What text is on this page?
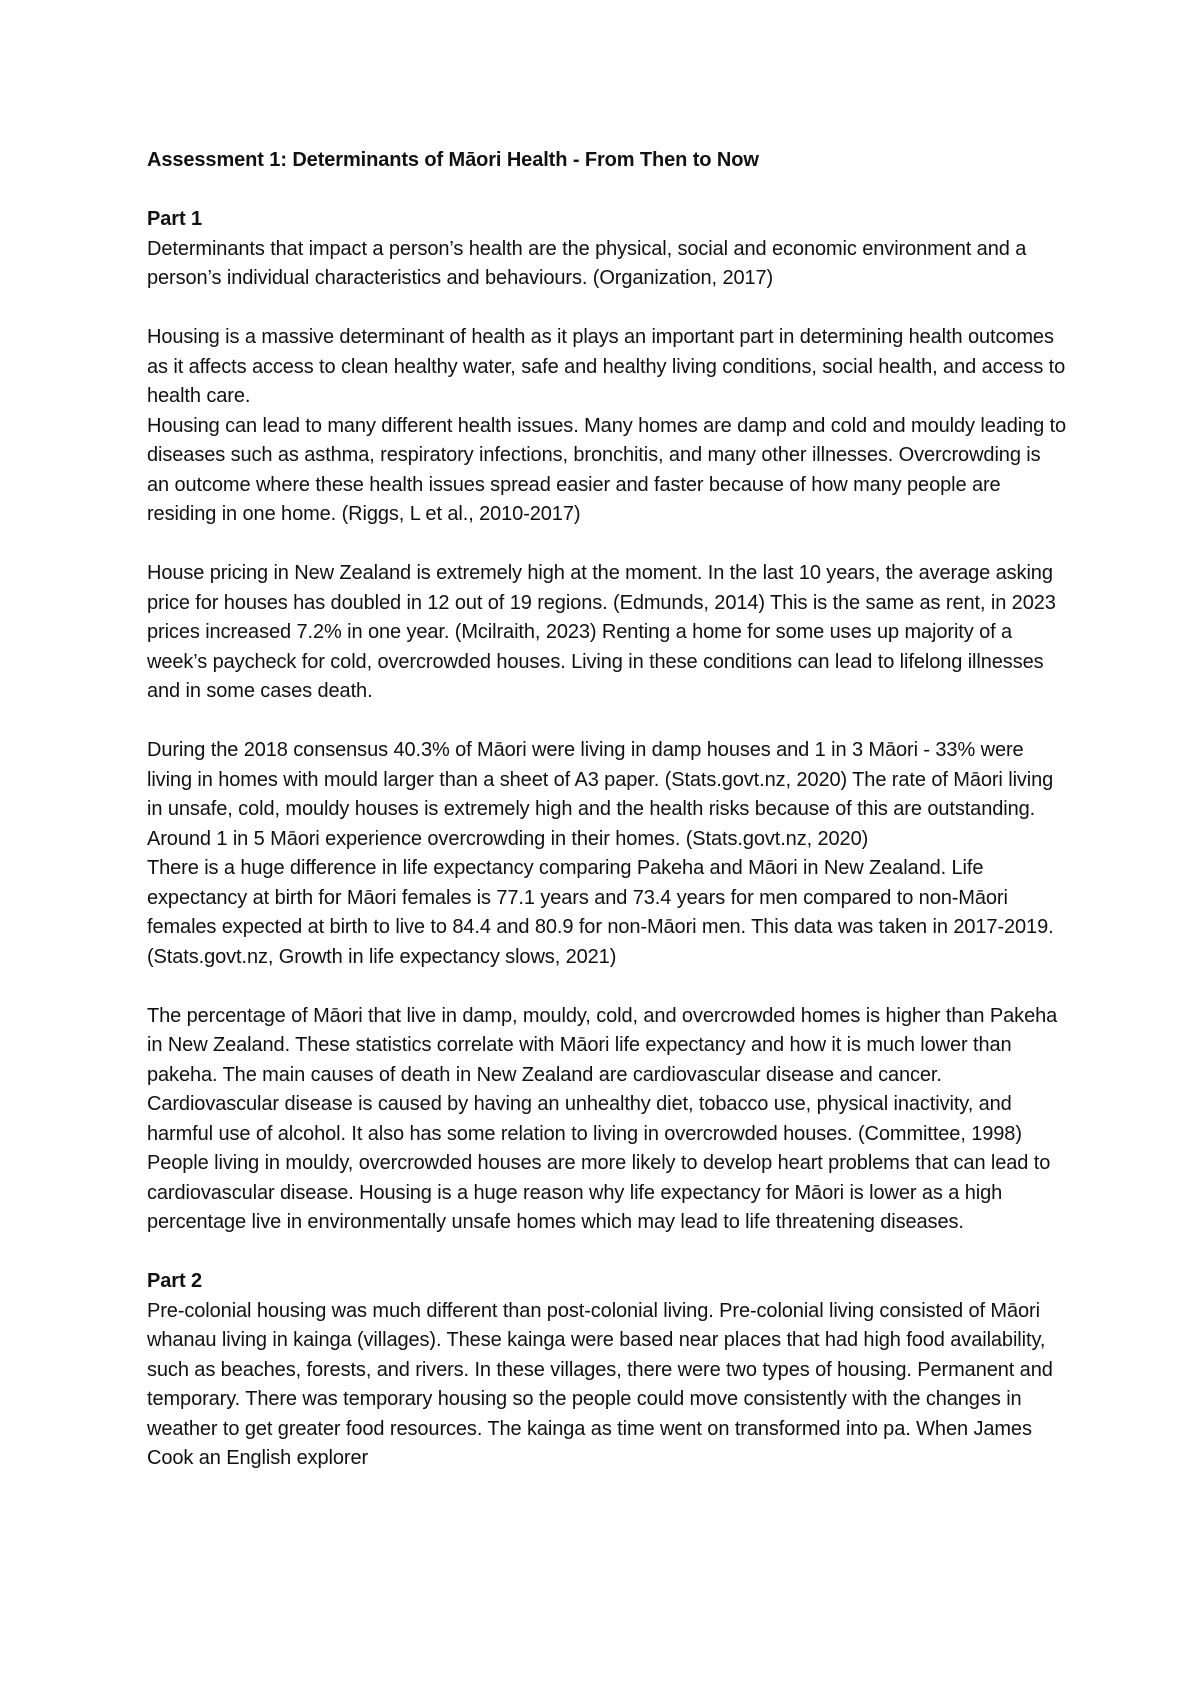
Assessment 1: Determinants of Māori Health - From Then to Now

Part 1

Determinants that impact a person’s health are the physical, social and economic environment and a person’s individual characteristics and behaviours. (Organization, 2017)

Housing is a massive determinant of health as it plays an important part in determining health outcomes as it affects access to clean healthy water, safe and healthy living conditions, social health, and access to health care.

Housing can lead to many different health issues. Many homes are damp and cold and mouldy leading to diseases such as asthma, respiratory infections, bronchitis, and many other illnesses. Overcrowding is an outcome where these health issues spread easier and faster because of how many people are residing in one home. (Riggs, L et al., 2010-2017)

House pricing in New Zealand is extremely high at the moment. In the last 10 years, the average asking price for houses has doubled in 12 out of 19 regions. (Edmunds, 2014) This is the same as rent, in 2023 prices increased 7.2% in one year. (Mcilraith, 2023) Renting a home for some uses up majority of a week’s paycheck for cold, overcrowded houses. Living in these conditions can lead to lifelong illnesses and in some cases death.

During the 2018 consensus 40.3% of Māori were living in damp houses and 1 in 3 Māori - 33% were living in homes with mould larger than a sheet of A3 paper. (Stats.govt.nz, 2020) The rate of Māori living in unsafe, cold, mouldy houses is extremely high and the health risks because of this are outstanding. Around 1 in 5 Māori experience overcrowding in their homes. (Stats.govt.nz, 2020)

There is a huge difference in life expectancy comparing Pakeha and Māori in New Zealand. Life expectancy at birth for Māori females is 77.1 years and 73.4 years for men compared to non-Māori females expected at birth to live to 84.4 and 80.9 for non-Māori men. This data was taken in 2017-2019. (Stats.govt.nz, Growth in life expectancy slows, 2021)

The percentage of Māori that live in damp, mouldy, cold, and overcrowded homes is higher than Pakeha in New Zealand. These statistics correlate with Māori life expectancy and how it is much lower than pakeha. The main causes of death in New Zealand are cardiovascular disease and cancer. Cardiovascular disease is caused by having an unhealthy diet, tobacco use, physical inactivity, and harmful use of alcohol. It also has some relation to living in overcrowded houses. (Committee, 1998) People living in mouldy, overcrowded houses are more likely to develop heart problems that can lead to cardiovascular disease. Housing is a huge reason why life expectancy for Māori is lower as a high percentage live in environmentally unsafe homes which may lead to life threatening diseases.

Part 2

Pre-colonial housing was much different than post-colonial living. Pre-colonial living consisted of Māori whanau living in kainga (villages). These kainga were based near places that had high food availability, such as beaches, forests, and rivers. In these villages, there were two types of housing. Permanent and temporary. There was temporary housing so the people could move consistently with the changes in weather to get greater food resources. The kainga as time went on transformed into pa. When James Cook an English explorer
